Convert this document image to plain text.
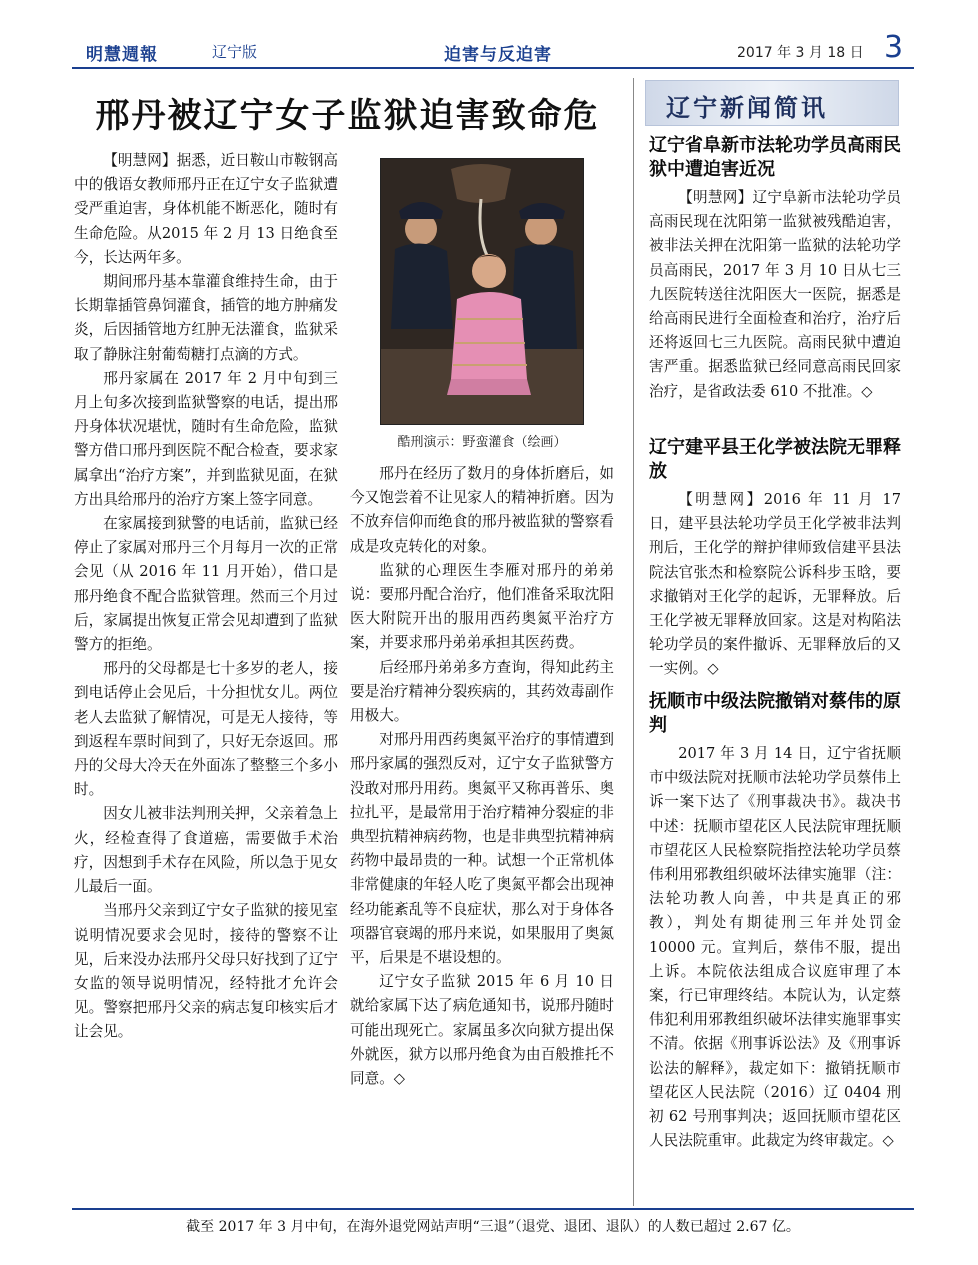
明慧週報	辽宁版	迫害与反迫害	2017 年 3 月 18 日 3
邢丹被辽宁女子监狱迫害致命危

【明慧网】据悉，近日鞍山市鞍钢高中的俄语女教师邢丹正在辽宁女子监狱遭受严重迫害，身体机能不断恶化，随时有生命危险。从2015 年 2 月 13 日绝食至今，长达两年多。

期间邢丹基本靠灌食维持生命，由于长期靠插管鼻饲灌食，插管的地方肿痛发炎，后因插管地方红肿无法灌食，监狱采取了静脉注射葡萄糖打点滴的方式。

邢丹家属在 2017 年 2 月中旬到三月上旬多次接到监狱警察的电话，提出邢丹身体状况堪忧，随时有生命危险，监狱警方借口邢丹到医院不配合检查，要求家属拿出“治疗方案”，并到监狱见面，在狱方出具给邢丹的治疗方案上签字同意。

在家属接到狱警的电话前，监狱已经停止了家属对邢丹三个月每月一次的正常会见（从 2016 年 11 月开始），借口是邢丹绝食不配合监狱管理。然而三个月过后，家属提出恢复正常会见却遭到了监狱警方的拒绝。

邢丹的父母都是七十多岁的老人，接到电话停止会见后，十分担忧女儿。两位老人去监狱了解情况，可是无人接待，等到返程车票时间到了，只好无奈返回。邢丹的父母大冷天在外面冻了整整三个多小时。

因女儿被非法判刑关押，父亲着急上火，经检查得了食道癌，需要做手术治疗，因想到手术存在风险，所以急于见女儿最后一面。

当邢丹父亲到辽宁女子监狱的接见室说明情况要求会见时，接待的警察不让见，后来没办法邢丹父母只好找到了辽宁女监的领导说明情况，经特批才允许会见。警察把邢丹父亲的病志复印核实后才让会见。

酷刑演示：野蛮灌食（绘画）

邢丹在经历了数月的身体折磨后，如今又饱尝着不让见家人的精神折磨。因为不放弃信仰而绝食的邢丹被监狱的警察看成是攻克转化的对象。

监狱的心理医生李雁对邢丹的弟弟说：要邢丹配合治疗，他们准备采取沈阳医大附院开出的服用西药奥氮平治疗方案，并要求邢丹弟弟承担其医药费。

后经邢丹弟弟多方查询，得知此药主要是治疗精神分裂疾病的，其药效毒副作用极大。

对邢丹用西药奥氮平治疗的事情遭到邢丹家属的强烈反对，辽宁女子监狱警方没敢对邢丹用药。奥氮平又称再普乐、奥拉扎平，是最常用于治疗精神分裂症的非典型抗精神病药物，也是非典型抗精神病药物中最昂贵的一种。试想一个正常机体非常健康的年轻人吃了奥氮平都会出现神经功能紊乱等不良症状，那么对于身体各项器官衰竭的邢丹来说，如果服用了奥氮平，后果是不堪设想的。

辽宁女子监狱 2015 年 6 月 10 日就给家属下达了病危通知书，说邢丹随时可能出现死亡。家属虽多次向狱方提出保外就医，狱方以邢丹绝食为由百般推托不同意。◇

辽宁新闻简讯

辽宁省阜新市法轮功学员高雨民狱中遭迫害近况

【明慧网】辽宁阜新市法轮功学员高雨民现在沈阳第一监狱被残酷迫害，被非法关押在沈阳第一监狱的法轮功学员高雨民，2017 年 3 月 10 日从七三九医院转送往沈阳医大一医院，据悉是给高雨民进行全面检查和治疗，治疗后还将返回七三九医院。高雨民狱中遭迫害严重。据悉监狱已经同意高雨民回家治疗，是省政法委 610 不批准。◇

辽宁建平县王化学被法院无罪释放

【明慧网】2016 年 11 月 17 日，建平县法轮功学员王化学被非法判刑后，王化学的辩护律师致信建平县法院法官张杰和检察院公诉科步玉晗，要求撤销对王化学的起诉，无罪释放。后王化学被无罪释放回家。这是对构陷法轮功学员的案件撤诉、无罪释放后的又一实例。◇

抚顺市中级法院撤销对蔡伟的原判

2017 年 3 月 14 日，辽宁省抚顺市中级法院对抚顺市法轮功学员蔡伟上诉一案下达了《刑事裁决书》。裁决书中述：抚顺市望花区人民法院审理抚顺市望花区人民检察院指控法轮功学员蔡伟利用邪教组织破坏法律实施罪（注：法轮功教人向善，中共是真正的邪教），判处有期徒刑三年并处罚金 10000 元。宣判后，蔡伟不服，提出上诉。本院依法组成合议庭审理了本案，行已审理终结。本院认为，认定蔡伟犯利用邪教组织破坏法律实施罪事实不清。依据《刑事诉讼法》及《刑事诉讼法的解释》，裁定如下：撤销抚顺市望花区人民法院（2016）辽 0404 刑初 62 号刑事判决；返回抚顺市望花区人民法院重审。此裁定为终审裁定。◇

截至 2017 年 3 月中旬，在海外退党网站声明“三退”（退党、退团、退队）的人数已超过 2.67 亿。
